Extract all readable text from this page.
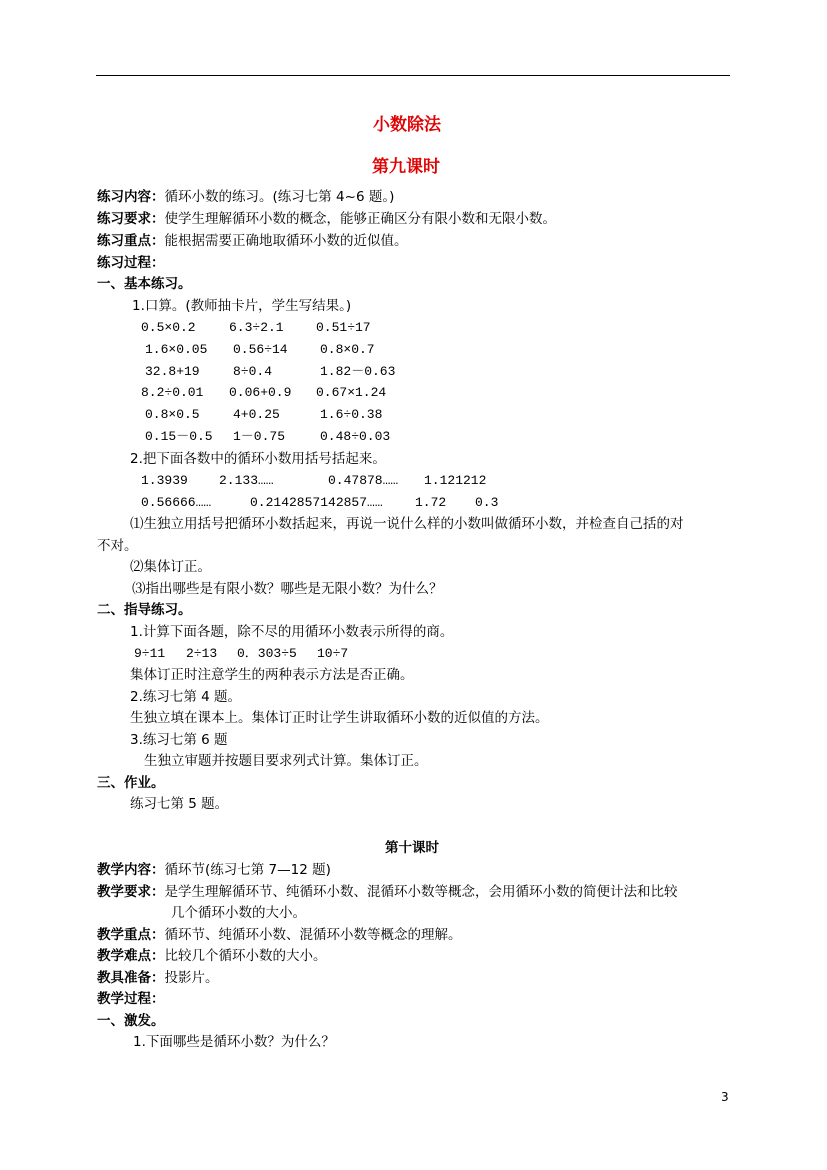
小数除法
第九课时
练习内容：循环小数的练习。(练习七第 4~6 题。)
练习要求：使学生理解循环小数的概念，能够正确区分有限小数和无限小数。
练习重点：能根据需要正确地取循环小数的近似值。
练习过程：
一、基本练习。
1.口算。(教师抽卡片，学生写结果。)
0.5×0.2	6.3÷2.1 0.51÷17
1.6×0.05 0.56÷14 0.8×0.7
32.8+19	8÷0.4	1.82－0.63
8.2÷0.01 0.06+0.9 0.67×1.24
0.8×0.5	4+0.25	1.6÷0.38
0.15－0.5 1－0.75	0.48÷0.03
2.把下面各数中的循环小数用括号括起来。
1.3939 2.133……	0.47878…… 1.121212
0.56666……	0.2142857142857…… 1.72 0.3
⑴生独立用括号把循环小数括起来，再说一说什么样的小数叫做循环小数，并检查自己括的对
不对。
⑵集体订正。
⑶指出哪些是有限小数？哪些是无限小数？为什么？
二、指导练习。
1.计算下面各题，除不尽的用循环小数表示所得的商。
9÷11 2÷13 0．303÷5 10÷7
集体订正时注意学生的两种表示方法是否正确。
2.练习七第 4 题。
生独立填在课本上。集体订正时让学生讲取循环小数的近似值的方法。
3.练习七第 6 题
生独立审题并按题目要求列式计算。集体订正。
三、作业。
练习七第 5 题。
第十课时
教学内容：循环节(练习七第 7—12 题)
教学要求：是学生理解循环节、纯循环小数、混循环小数等概念，会用循环小数的简便计法和比较
几个循环小数的大小。
教学重点：循环节、纯循环小数、混循环小数等概念的理解。
教学难点：比较几个循环小数的大小。
教具准备：投影片。
教学过程：
一、激发。
1.下面哪些是循环小数？为什么？
3
